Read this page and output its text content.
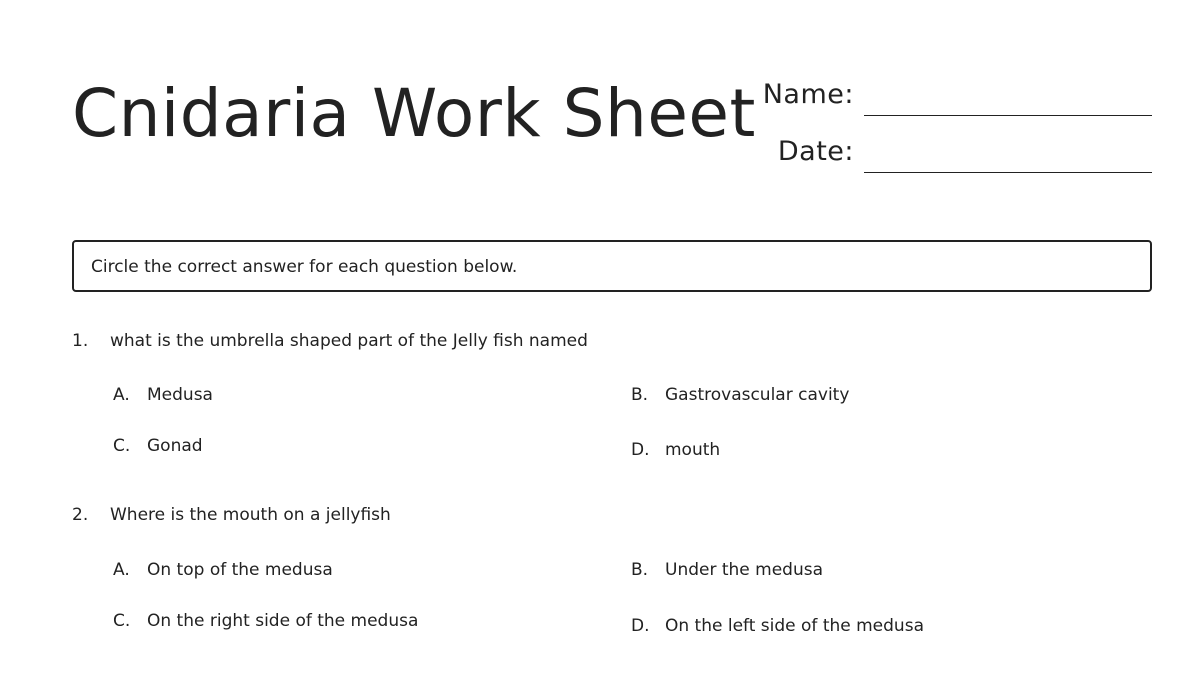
Cnidaria Work Sheet Name:
Date:
Circle the correct answer for each question below.
1. what is the umbrella shaped part of the Jelly fish named
A. Medusa	B. Gastrovascular cavity
C. Gonad	D. mouth
2. Where is the mouth on a jellyfish
A. On top of the medusa	B. Under the medusa
C. On the right side of the medusa	D. On the left side of the medusa
